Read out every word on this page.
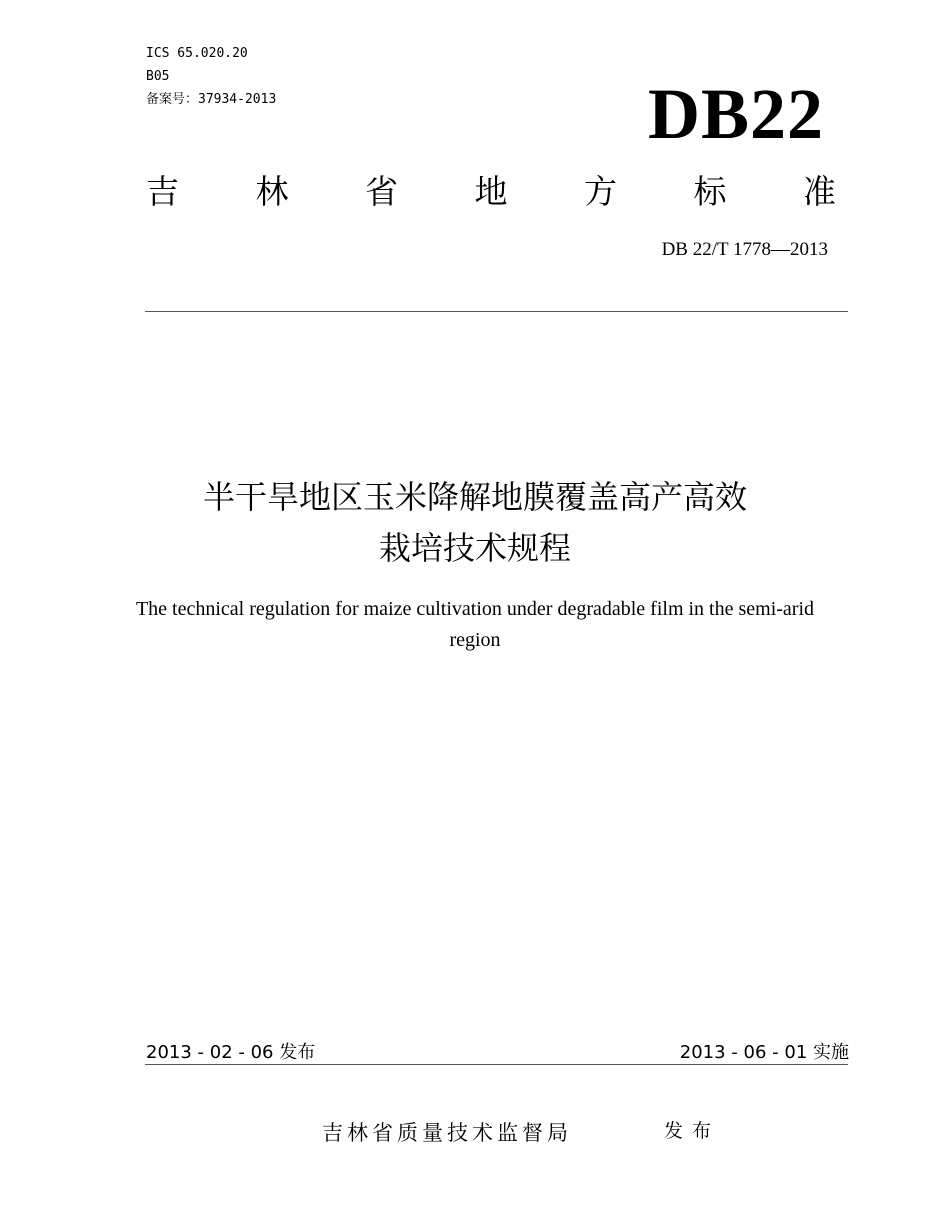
ICS 65.020.20
B05
备案号：37934-2013	DB22
吉 林 省 地 方 标 准
DB 22/T 1778—2013
半干旱地区玉米降解地膜覆盖高产高效
栽培技术规程
The technical regulation for maize cultivation under degradable film in the semi-arid region
2013 - 02 - 06 发布	2013 - 06 - 01 实施
吉林省质量技术监督局	发布
